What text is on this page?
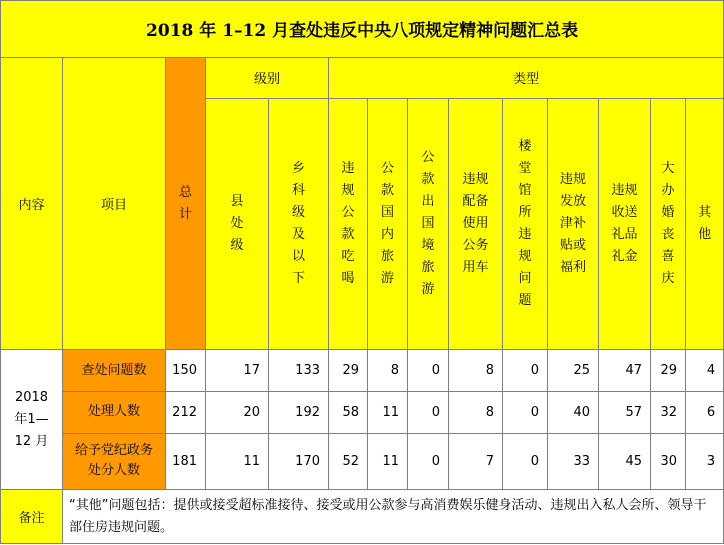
2018 年 1–12 月查处违反中央八项规定精神问题汇总表													
内容	项目	总计	级别		类型								
			县处级	乡科级及以下	违规公款吃喝	公款国内旅游	公款出国境旅游	违规配备使用公务用车	楼堂馆所违规问题	违规发放津补贴或福利	违规收送礼品礼金	大办婚丧喜庆	其他
2018 年1—12 月	查处问题数	150	17	133	29	8	0	8	0	25	47	29	4
	处理人数	212	20	192	58	11	0	8	0	40	57	32	6
	给予党纪政务处分人数	181	11	170	52	11	0	7	0	33	45	30	3
备注	“其他”问题包括：提供或接受超标准接待、接受或用公款参与高消费娱乐健身活动、违规出入私人会所、领导干部住房违规问题。												
